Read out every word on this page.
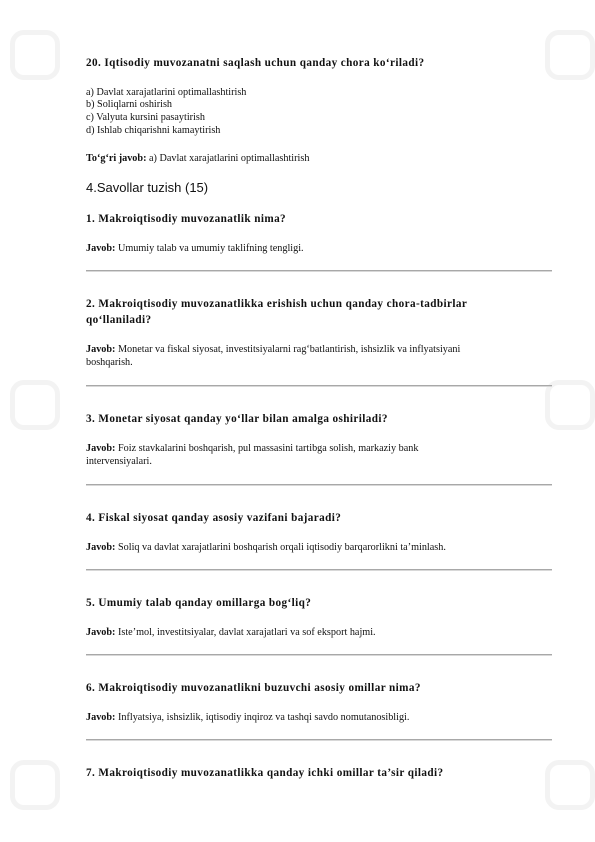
20. Iqtisodiy muvozanatni saqlash uchun qanday chora ko‘riladi?
a) Davlat xarajatlarini optimallashtirish
b) Soliqlarni oshirish
c) Valyuta kursini pasaytirish
d) Ishlab chiqarishni kamaytirish
To‘g‘ri javob: a) Davlat xarajatlarini optimallashtirish
4.Savollar tuzish (15)
1. Makroiqtisodiy muvozanatlik nima?
Javob: Umumiy talab va umumiy taklifning tengligi.
2. Makroiqtisodiy muvozanatlikka erishish uchun qanday chora-tadbirlar
qo‘llaniladi?
Javob: Monetar va fiskal siyosat, investitsiyalarni rag‘batlantirish, ishsizlik va inflyatsiyani
boshqarish.
3. Monetar siyosat qanday yo‘llar bilan amalga oshiriladi?
Javob: Foiz stavkalarini boshqarish, pul massasini tartibga solish, markaziy bank
intervensiyalari.
4. Fiskal siyosat qanday asosiy vazifani bajaradi?
Javob: Soliq va davlat xarajatlarini boshqarish orqali iqtisodiy barqarorlikni ta’minlash.
5. Umumiy talab qanday omillarga bog‘liq?
Javob: Iste’mol, investitsiyalar, davlat xarajatlari va sof eksport hajmi.
6. Makroiqtisodiy muvozanatlikni buzuvchi asosiy omillar nima?
Javob: Inflyatsiya, ishsizlik, iqtisodiy inqiroz va tashqi savdo nomutanosibligi.
7. Makroiqtisodiy muvozanatlikka qanday ichki omillar ta’sir qiladi?
